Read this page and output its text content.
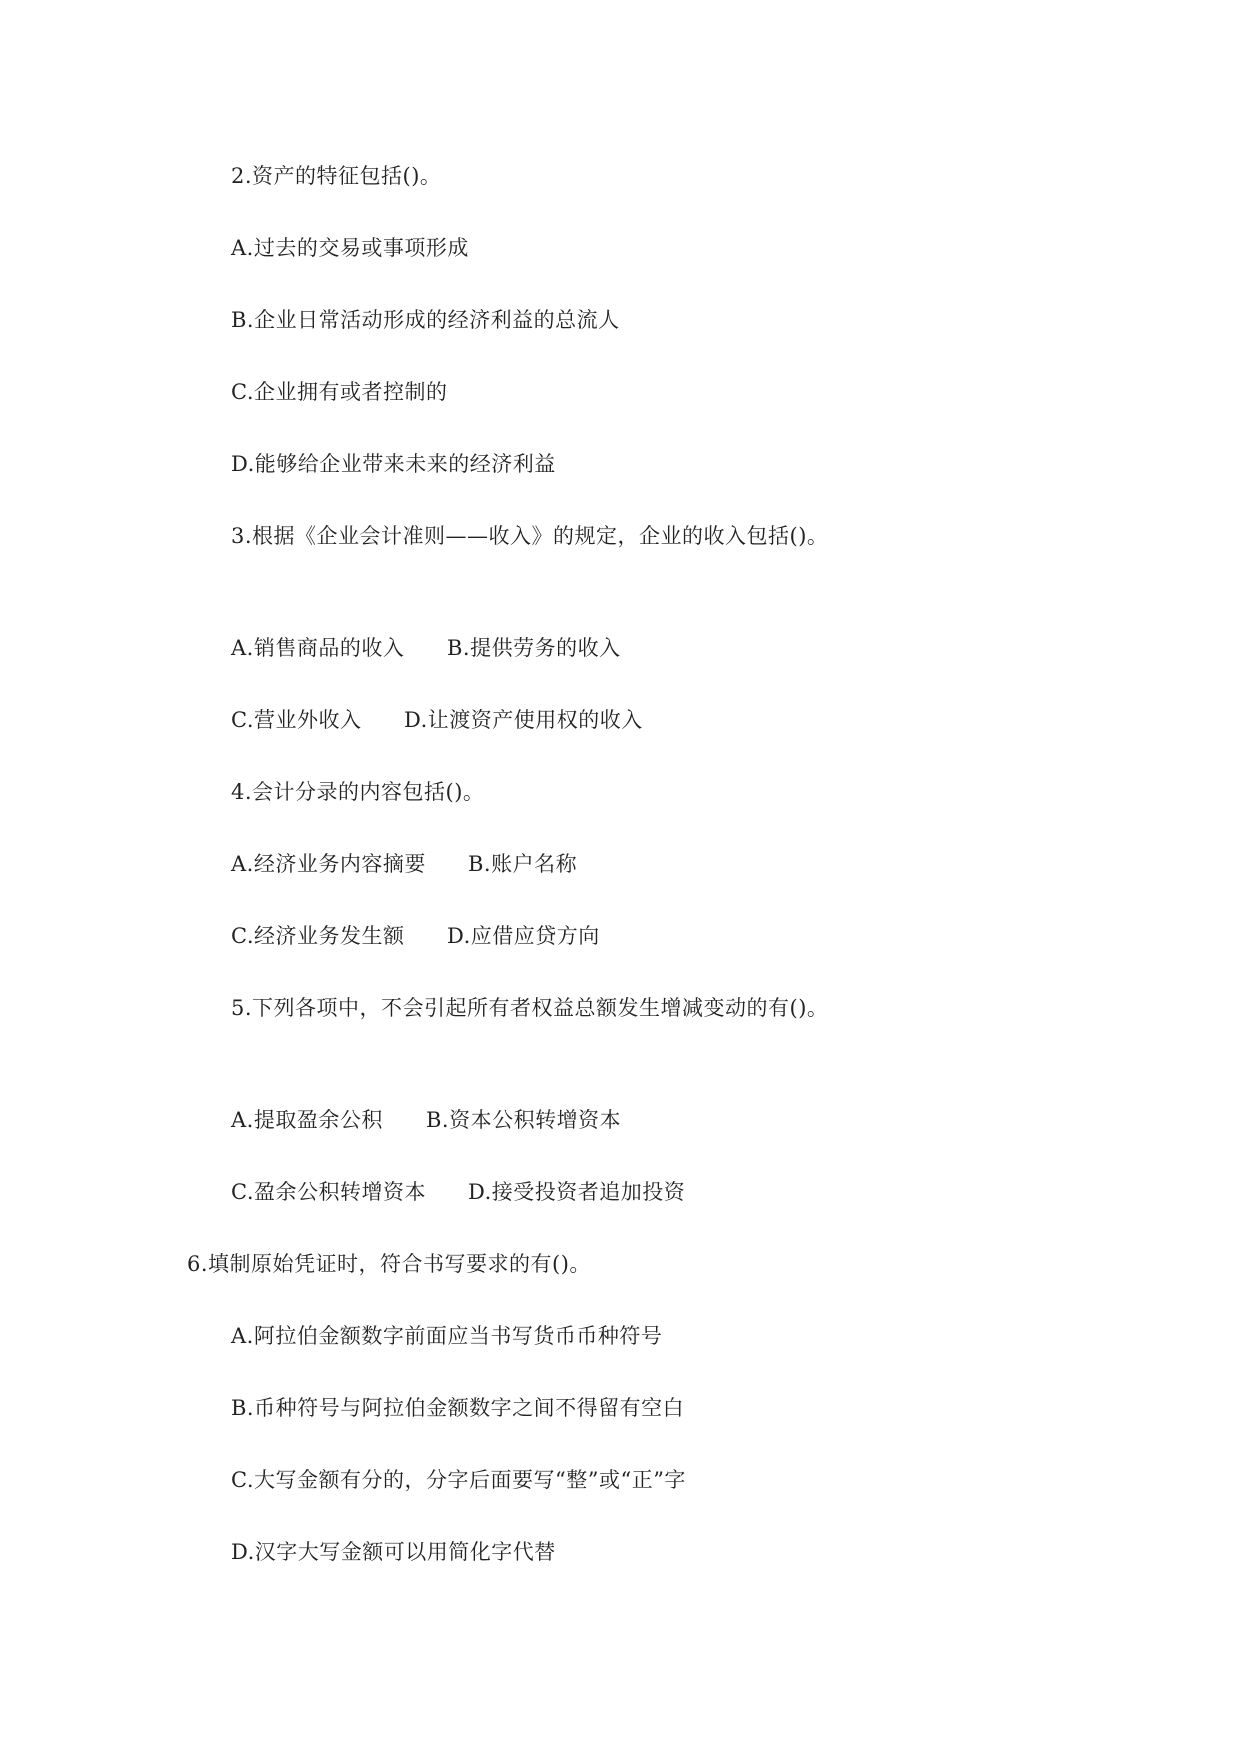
2.资产的特征包括()。
A.过去的交易或事项形成
B.企业日常活动形成的经济利益的总流人
C.企业拥有或者控制的
D.能够给企业带来未来的经济利益
3.根据《企业会计准则——收入》的规定，企业的收入包括()。
A.销售商品的收入 B.提供劳务的收入
C.营业外收入 D.让渡资产使用权的收入
4.会计分录的内容包括()。
A.经济业务内容摘要 B.账户名称
C.经济业务发生额 D.应借应贷方向
5.下列各项中，不会引起所有者权益总额发生增减变动的有()。
A.提取盈余公积 B.资本公积转增资本
C.盈余公积转增资本 D.接受投资者追加投资
6.填制原始凭证时，符合书写要求的有()。
A.阿拉伯金额数字前面应当书写货币币种符号
B.币种符号与阿拉伯金额数字之间不得留有空白
C.大写金额有分的，分字后面要写“整”或“正”字
D.汉字大写金额可以用简化字代替
